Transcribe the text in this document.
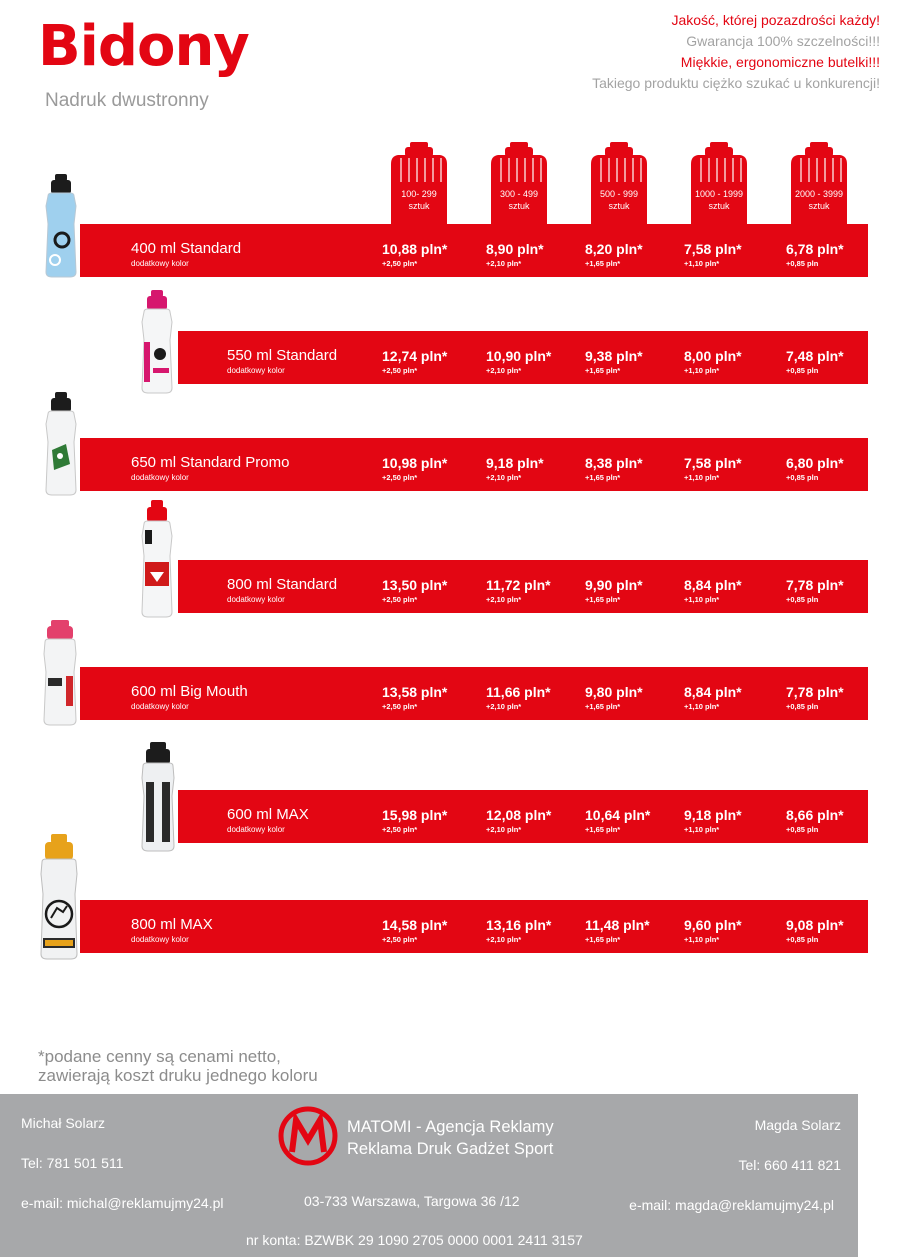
Bidony
Nadruk dwustronny
Jakość, której pozazdrości każdy!
Gwarancja 100% szczelności!!!
Miękkie, ergonomiczne butelki!!!
Takiego produktu ciężko szukać u konkurencji!
100- 299
sztuk
300 - 499
sztuk
500 - 999
sztuk
1000 - 1999
sztuk
2000 - 3999
sztuk
400 ml Standard
dodatkowy kolor
10,88 pln*
+2,50 pln*
8,90 pln*
+2,10 pln*
8,20 pln*
+1,65 pln*
7,58 pln*
+1,10 pln*
6,78 pln*
+0,85 pln
550 ml Standard
dodatkowy kolor
12,74 pln*
+2,50 pln*
10,90 pln*
+2,10 pln*
9,38 pln*
+1,65 pln*
8,00 pln*
+1,10 pln*
7,48 pln*
+0,85 pln
650 ml Standard Promo
dodatkowy kolor
10,98 pln*
+2,50 pln*
9,18 pln*
+2,10 pln*
8,38 pln*
+1,65 pln*
7,58 pln*
+1,10 pln*
6,80 pln*
+0,85 pln
800 ml Standard
dodatkowy kolor
13,50 pln*
+2,50 pln*
11,72 pln*
+2,10 pln*
9,90 pln*
+1,65 pln*
8,84 pln*
+1,10 pln*
7,78 pln*
+0,85 pln
600 ml Big Mouth
dodatkowy kolor
13,58 pln*
+2,50 pln*
11,66 pln*
+2,10 pln*
9,80 pln*
+1,65 pln*
8,84 pln*
+1,10 pln*
7,78 pln*
+0,85 pln
600 ml MAX
dodatkowy kolor
15,98 pln*
+2,50 pln*
12,08 pln*
+2,10 pln*
10,64 pln*
+1,65 pln*
9,18 pln*
+1,10 pln*
8,66 pln*
+0,85 pln
800 ml MAX
dodatkowy kolor
14,58 pln*
+2,50 pln*
13,16 pln*
+2,10 pln*
11,48 pln*
+1,65 pln*
9,60 pln*
+1,10 pln*
9,08 pln*
+0,85 pln
*podane cenny są cenami netto,
zawierają koszt druku jednego koloru
Michał Solarz
Tel: 781 501 511
e-mail: michal@reklamujmy24.pl
MATOMI - Agencja Reklamy
Reklama Druk Gadżet Sport
03-733 Warszawa, Targowa 36 /12
Magda Solarz
Tel: 660 411 821
e-mail: magda@reklamujmy24.pl
nr konta: BZWBK 29 1090 2705 0000 0001 2411 3157
